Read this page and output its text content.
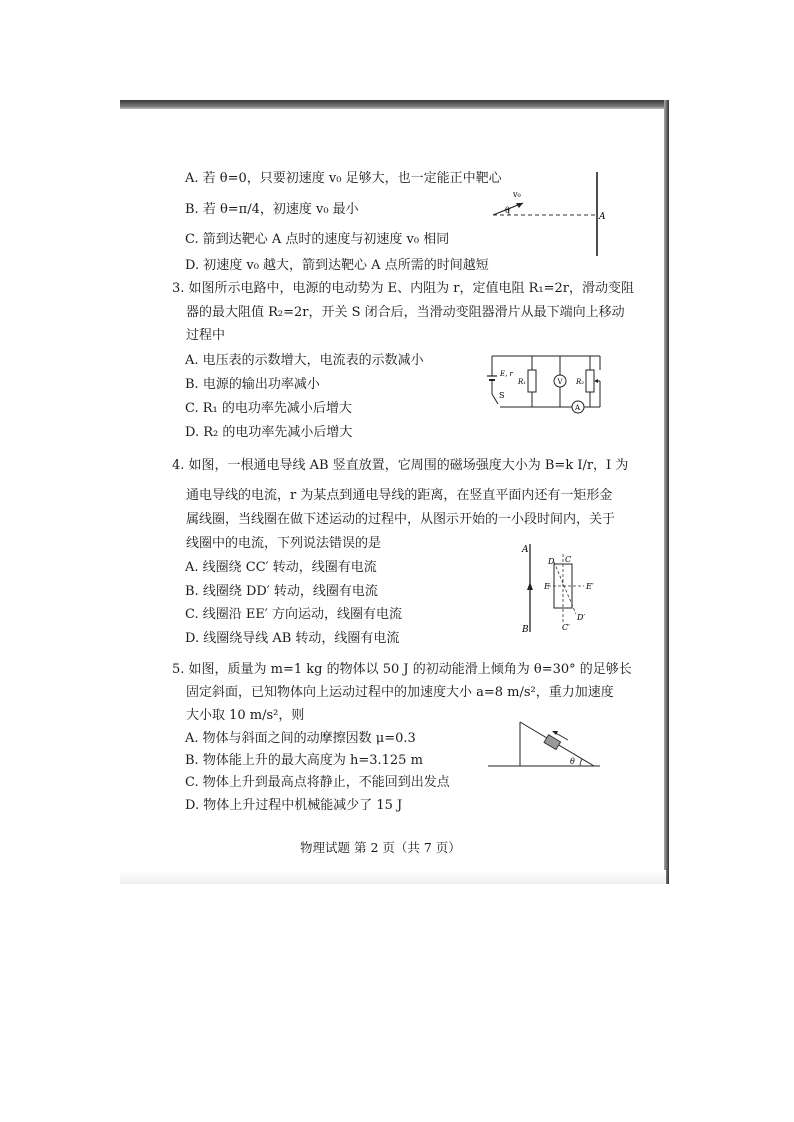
A. 若 θ=0，只要初速度 v₀ 足够大，也一定能正中靶心
B. 若 θ=π/4，初速度 v₀ 最小
C. 箭到达靶心 A 点时的速度与初速度 v₀ 相同
D. 初速度 v₀ 越大，箭到达靶心 A 点所需的时间越短
v₀
θ
A
3. 如图所示电路中，电源的电动势为 E、内阻为 r，定值电阻 R₁=2r，滑动变阻
器的最大阻值 R₂=2r，开关 S 闭合后，当滑动变阻器滑片从最下端向上移动
过程中
A. 电压表的示数增大，电流表的示数减小
B. 电源的输出功率减小
C. R₁ 的电功率先减小后增大
D. R₂ 的电功率先减小后增大
E, r
R₁	V R₂
S
A
4. 如图，一根通电导线 AB 竖直放置，它周围的磁场强度大小为 B=k I/r，I 为
通电导线的电流，r 为某点到通电导线的距离，在竖直平面内还有一矩形金
属线圈，当线圈在做下述运动的过程中，从图示开始的一小段时间内，关于
线圈中的电流，下列说法错误的是
A. 线圈绕 CC′ 转动，线圈有电流
B. 线圈绕 DD′ 转动，线圈有电流
C. 线圈沿 EE′ 方向运动，线圈有电流
D. 线圈绕导线 AB 转动，线圈有电流
A
B
C
C′
D
D′
E	E′
5. 如图，质量为 m=1 kg 的物体以 50 J 的初动能滑上倾角为 θ=30° 的足够长
固定斜面，已知物体向上运动过程中的加速度大小 a=8 m/s²，重力加速度
大小取 10 m/s²，则
A. 物体与斜面之间的动摩擦因数 μ=0.3
B. 物体能上升的最大高度为 h=3.125 m
C. 物体上升到最高点将静止，不能回到出发点
D. 物体上升过程中机械能减少了 15 J
θ
物理试题 第 2 页（共 7 页）
